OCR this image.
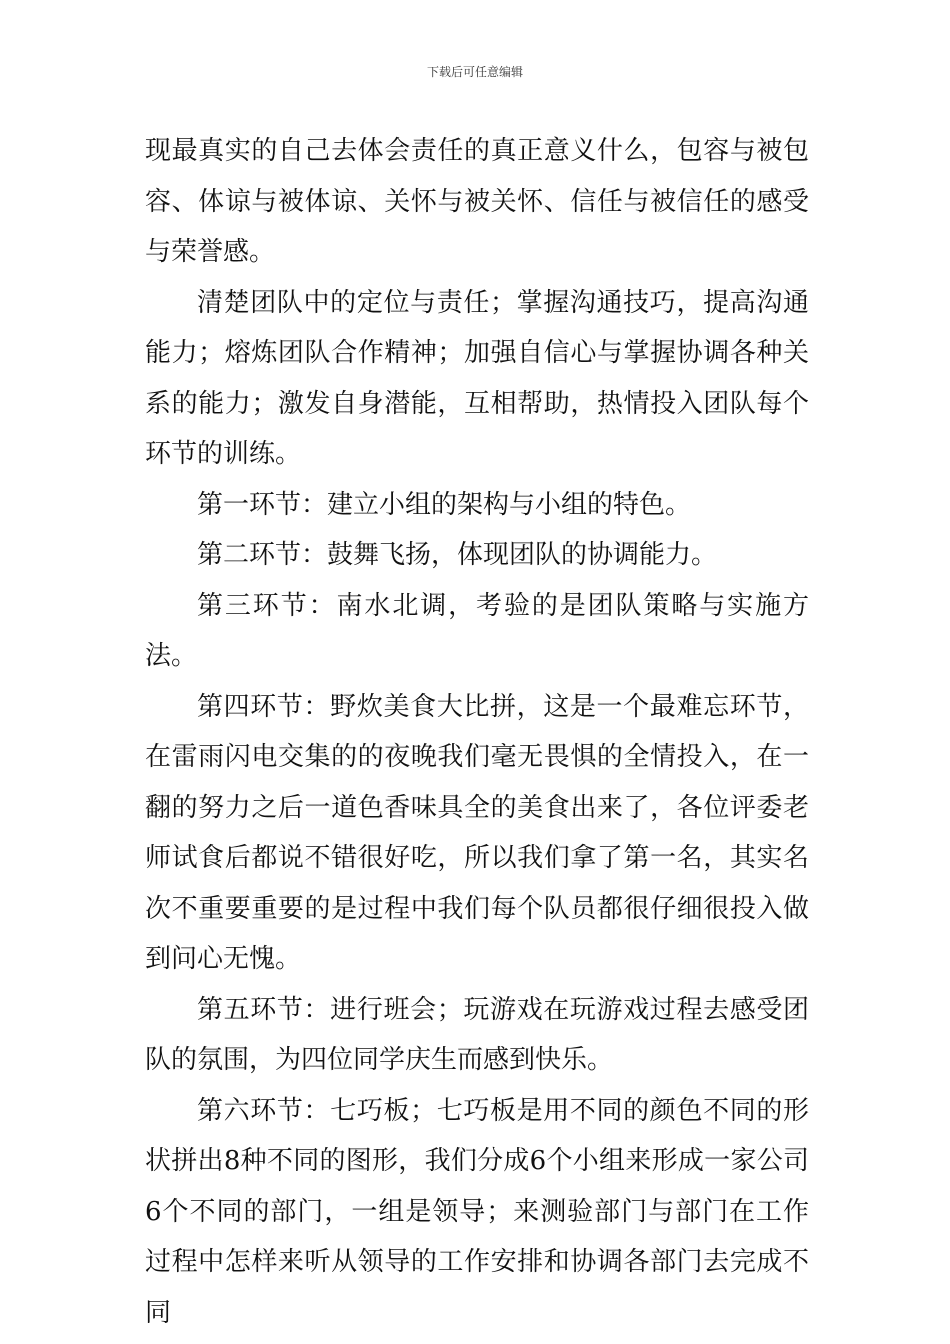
下载后可任意编辑

现最真实的自己去体会责任的真正意义什么，包容与被包容、体谅与被体谅、关怀与被关怀、信任与被信任的感受与荣誉感。

清楚团队中的定位与责任；掌握沟通技巧，提高沟通能力；熔炼团队合作精神；加强自信心与掌握协调各种关系的能力；激发自身潜能，互相帮助，热情投入团队每个环节的训练。

第一环节：建立小组的架构与小组的特色。

第二环节：鼓舞飞扬，体现团队的协调能力。

第三环节：南水北调，考验的是团队策略与实施方法。

第四环节：野炊美食大比拼，这是一个最难忘环节，在雷雨闪电交集的的夜晚我们毫无畏惧的全情投入，在一翻的努力之后一道色香味具全的美食出来了，各位评委老师试食后都说不错很好吃，所以我们拿了第一名，其实名次不重要重要的是过程中我们每个队员都很仔细很投入做到问心无愧。

第五环节：进行班会；玩游戏在玩游戏过程去感受团队的氛围，为四位同学庆生而感到快乐。

第六环节：七巧板；七巧板是用不同的颜色不同的形状拼出8种不同的图形，我们分成6个小组来形成一家公司6个不同的部门，一组是领导；来测验部门与部门在工作过程中怎样来听从领导的工作安排和协调各部门去完成不同
